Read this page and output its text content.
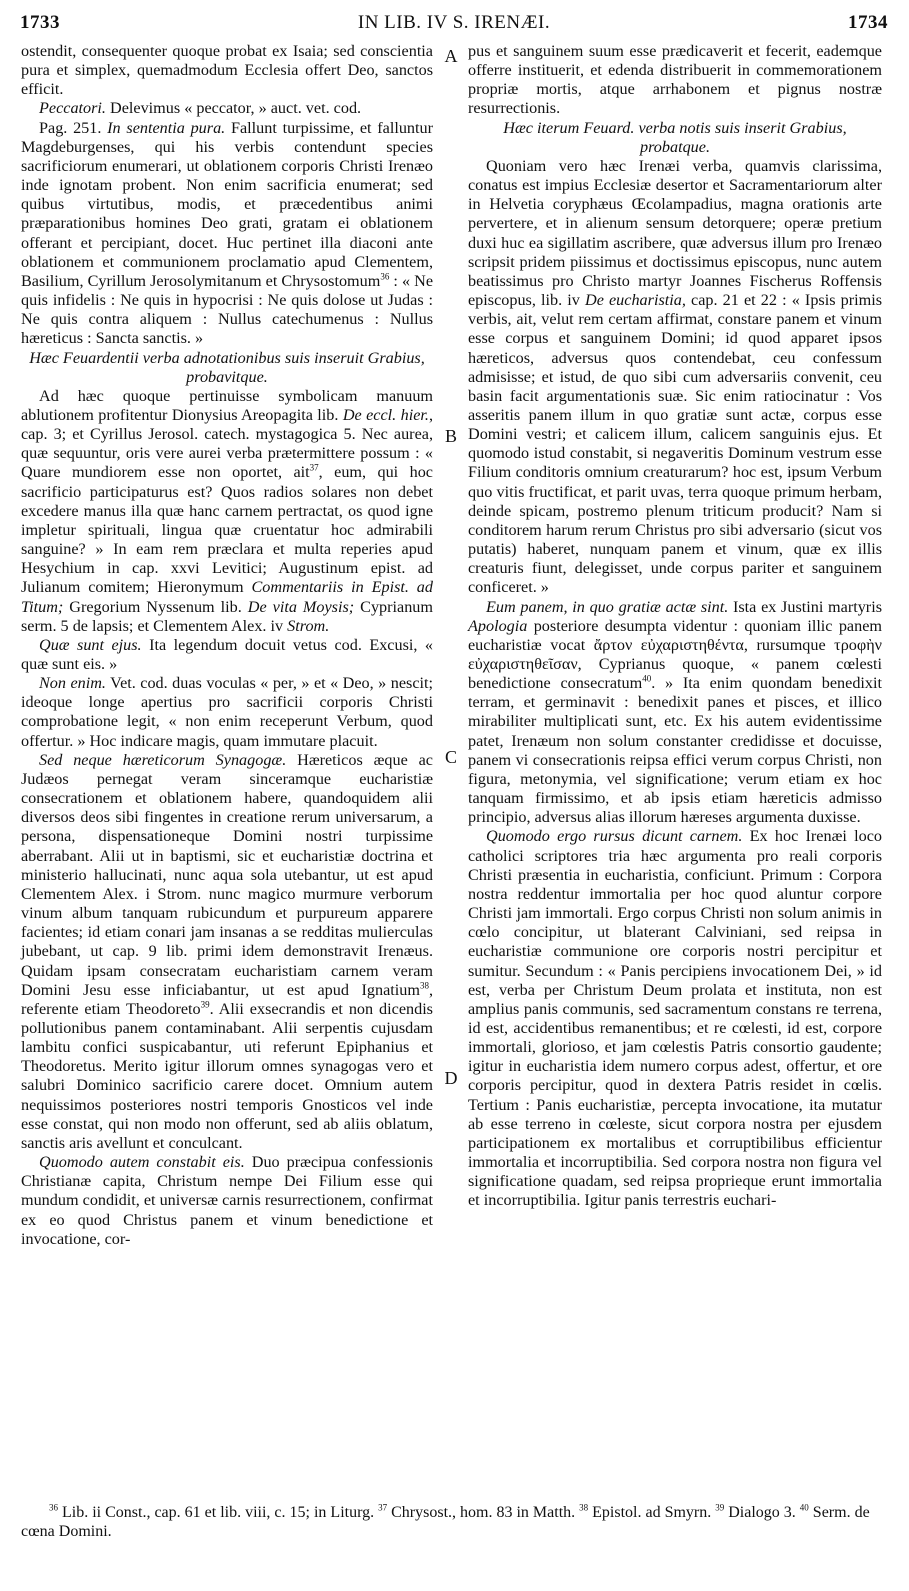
1733	IN LIB. IV S. IRENÆI.	1734

ostendit, consequenter quoque probat ex Isaia; sed conscientia pura et simplex, quemadmodum Ecclesia offert Deo, sanctos efficit.

Peccatori. Delevimus « peccator, » auct. vet. cod.

Pag. 251. In sententia pura. Fallunt turpissime, et falluntur Magdeburgenses, qui his verbis contendunt species sacrificiorum enumerari, ut oblationem corporis Christi Irenæo inde ignotam probent. Non enim sacrificia enumerat; sed quibus virtutibus, modis, et præcedentibus animi præparationibus homines Deo grati, gratam ei oblationem offerant et percipiant, docet. Huc pertinet illa diaconi ante oblationem et communionem proclamatio apud Clementem, Basilium, Cyrillum Jerosolymitanum et Chrysostomum$^{36}$ : « Ne quis infidelis : Ne quis in hypocrisi : Ne quis dolose ut Judas : Ne quis contra aliquem : Nullus catechumenus : Nullus hæreticus : Sancta sanctis. »

Hæc Feuardentii verba adnotationibus suis inseruit Grabius, probavitque.

Ad hæc quoque pertinuisse symbolicam manuum ablutionem profitentur Dionysius Areopagita lib. De eccl. hier., cap. 3; et Cyrillus Jerosol. catech. mystagogica 5. Nec aurea, quæ sequuntur, oris vere aurei verba prætermittere possum : « Quare mundiorem esse non oportet, ait$^{37}$, eum, qui hoc sacrificio participaturus est? Quos radios solares non debet excedere manus illa quæ hanc carnem pertractat, os quod igne impletur spirituali, lingua quæ cruentatur hoc admirabili sanguine? » In eam rem præclara et multa reperies apud Hesychium in cap. xxvi Levitici; Augustinum epist. ad Julianum comitem; Hieronymum Commentariis in Epist. ad Titum; Gregorium Nyssenum lib. De vita Moysis; Cyprianum serm. 5 de lapsis; et Clementem Alex. iv Strom.

Quæ sunt ejus. Ita legendum docuit vetus cod. Excusi, « quæ sunt eis. »

Non enim. Vet. cod. duas voculas « per, » et « Deo, » nescit; ideoque longe apertius pro sacrificii corporis Christi comprobatione legit, « non enim receperunt Verbum, quod offertur. » Hoc indicare magis, quam immutare placuit.

Sed neque hæreticorum Synagogæ. Hæreticos æque ac Judæos pernegat veram sinceramque eucharistiæ consecrationem et oblationem habere, quandoquidem alii diversos deos sibi fingentes in creatione rerum universarum, a persona, dispensationeque Domini nostri turpissime aberrabant. Alii ut in baptismi, sic et eucharistiæ doctrina et ministerio hallucinati, nunc aqua sola utebantur, ut est apud Clementem Alex. i Strom. nunc magico murmure verborum vinum album tanquam rubicundum et purpureum apparere facientes; id etiam conari jam insanas a se redditas mulierculas jubebant, ut cap. 9 lib. primi idem demonstravit Irenæus. Quidam ipsam consecratam eucharistiam carnem veram Domini Jesu esse inficiabantur, ut est apud Ignatium$^{38}$, referente etiam Theodoreto$^{39}$. Alii exsecrandis et non dicendis pollutionibus panem contaminabant. Alii serpentis cujusdam lambitu confici suspicabantur, uti referunt Epiphanius et Theodoretus. Merito igitur illorum omnes synagogas vero et salubri Dominico sacrificio carere docet. Omnium autem nequissimos posteriores nostri temporis Gnosticos vel inde esse constat, qui non modo non offerunt, sed ab aliis oblatum, sanctis aris avellunt et conculcant.

Quomodo autem constabit eis. Duo præcipua confessionis Christianæ capita, Christum nempe Dei Filium esse qui mundum condidit, et universæ carnis resurrectionem, confirmat ex eo quod Christus panem et vinum benedictione et invocatione, cor-

pus et sanguinem suum esse prædicaverit et fecerit, eademque offerre instituerit, et edenda distribuerit in commemorationem propriæ mortis, atque arrhabonem et pignus nostræ resurrectionis.

Hæc iterum Feuard. verba notis suis inserit Grabius, probatque.

Quoniam vero hæc Irenæi verba, quamvis clarissima, conatus est impius Ecclesiæ desertor et Sacramentariorum alter in Helvetia coryphæus Œcolampadius, magna orationis arte pervertere, et in alienum sensum detorquere; operæ pretium duxi huc ea sigillatim ascribere, quæ adversus illum pro Irenæo scripsit pridem piissimus et doctissimus episcopus, nunc autem beatissimus pro Christo martyr Joannes Fischerus Roffensis episcopus, lib. iv De eucharistia, cap. 21 et 22 : « Ipsis primis verbis, ait, velut rem certam affirmat, constare panem et vinum esse corpus et sanguinem Domini; id quod apparet ipsos hæreticos, adversus quos contendebat, ceu confessum admisisse; et istud, de quo sibi cum adversariis convenit, ceu basin facit argumentationis suæ. Sic enim ratiocinatur : Vos asseritis panem illum in quo gratiæ sunt actæ, corpus esse Domini vestri; et calicem illum, calicem sanguinis ejus. Et quomodo istud constabit, si negaveritis Dominum vestrum esse Filium conditoris omnium creaturarum? hoc est, ipsum Verbum quo vitis fructificat, et parit uvas, terra quoque primum herbam, deinde spicam, postremo plenum triticum producit? Nam si conditorem harum rerum Christus pro sibi adversario (sicut vos putatis) haberet, nunquam panem et vinum, quæ ex illis creaturis fiunt, delegisset, unde corpus pariter et sanguinem conficeret. »

Eum panem, in quo gratiæ actæ sint. Ista ex Justini martyris Apologia posteriore desumpta videntur : quoniam illic panem eucharistiæ vocat ἄρτον εὐχαριστηθέντα, rursumque τροφὴν εὐχαριστηθεῖσαν, Cyprianus quoque, « panem cœlesti benedictione consecratum$^{40}$. » Ita enim quondam benedixit terram, et germinavit : benedixit panes et pisces, et illico mirabiliter multiplicati sunt, etc. Ex his autem evidentissime patet, Irenæum non solum constanter credidisse et docuisse, panem vi consecrationis reipsa effici verum corpus Christi, non figura, metonymia, vel significatione; verum etiam ex hoc tanquam firmissimo, et ab ipsis etiam hæreticis admisso principio, adversus alias illorum hæreses argumenta duxisse.

Quomodo ergo rursus dicunt carnem. Ex hoc Irenæi loco catholici scriptores tria hæc argumenta pro reali corporis Christi præsentia in eucharistia, conficiunt. Primum : Corpora nostra reddentur immortalia per hoc quod aluntur corpore Christi jam immortali. Ergo corpus Christi non solum animis in cœlo concipitur, ut blaterant Calviniani, sed reipsa in eucharistiæ communione ore corporis nostri percipitur et sumitur. Secundum : « Panis percipiens invocationem Dei, » id est, verba per Christum Deum prolata et instituta, non est amplius panis communis, sed sacramentum constans re terrena, id est, accidentibus remanentibus; et re cœlesti, id est, corpore immortali, glorioso, et jam cœlestis Patris consortio gaudente; igitur in eucharistia idem numero corpus adest, offertur, et ore corporis percipitur, quod in dextera Patris residet in cœlis. Tertium : Panis eucharistiæ, percepta invocatione, ita mutatur ab esse terreno in cœleste, sicut corpora nostra per ejusdem participationem ex mortalibus et corruptibilibus efficientur immortalia et incorruptibilia. Sed corpora nostra non figura vel significatione quadam, sed reipsa proprieque erunt immortalia et incorruptibilia. Igitur panis terrestris euchari-

A
B
C
D

$^{36}$ Lib. ii Const., cap. 61 et lib. viii, c. 15; in Liturg. $^{37}$ Chrysost., hom. 83 in Matth. $^{38}$ Epistol. ad Smyrn. $^{39}$ Dialogo 3. $^{40}$ Serm. de cœna Domini.
